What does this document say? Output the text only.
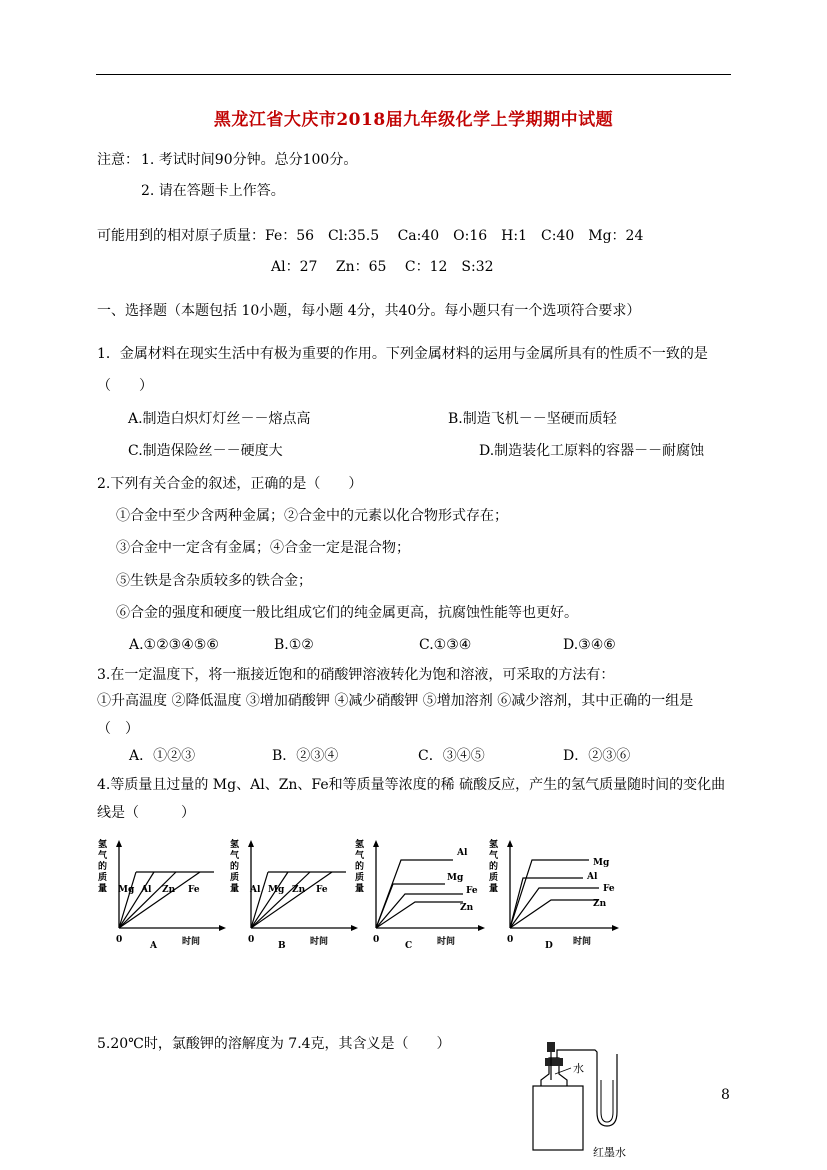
黑龙江省大庆市2018届九年级化学上学期期中试题
注意： 1. 考试时间90分钟。总分100分。
2. 请在答题卡上作答。
可能用到的相对原子质量：Fe：56　Cl:35.5　 Ca:40　O:16　H:1　C:40　Mg：24
Al：27　 Zn：65　 C：12　S:32
一、选择题（本题包括 10小题，每小题 4分，共40分。每小题只有一个选项符合要求）
1．金属材料在现实生活中有极为重要的作用。下列金属材料的运用与金属所具有的性质不一致的是
（　　）
A.制造白炽灯灯丝－－熔点高	B.制造飞机－－坚硬而质轻
C.制造保险丝－－硬度大	D.制造装化工原料的容器－－耐腐蚀
2.下列有关合金的叙述，正确的是（　　）
①合金中至少含两种金属；②合金中的元素以化合物形式存在；
③合金中一定含有金属；④合金一定是混合物；
⑤生铁是含杂质较多的铁合金；
⑥合金的强度和硬度一般比组成它们的纯金属更高，抗腐蚀性能等也更好。
A.①②③④⑤⑥	B.①②	C.①③④	D.③④⑥
3.在一定温度下，将一瓶接近饱和的硝酸钾溶液转化为饱和溶液，可采取的方法有：
①升高温度 ②降低温度 ③增加硝酸钾 ④减少硝酸钾 ⑤增加溶剂 ⑥减少溶剂，其中正确的一组是
（　）
A．①②③	B．②③④	C．③④⑤	D．②③⑥
4.等质量且过量的 Mg、Al、Zn、Fe和等质量等浓度的稀 硫酸反应，产生的氢气质量随时间的变化曲
线是（　　　）
氢
气
的
质
量 Mg Al Zn Fe
0	时间
A
氢
气
的
质
量 Al Mg Zn Fe
0	时间
B
氢
气
的
质
量
Al
Mg
Fe
Zn
0	时间
C
氢
气
的
质
量
Mg
Al
Fe
Zn
0	时间
D
5.20℃时，氯酸钾的溶解度为 7.4克，其含义是（　　）
水
红墨水
8
